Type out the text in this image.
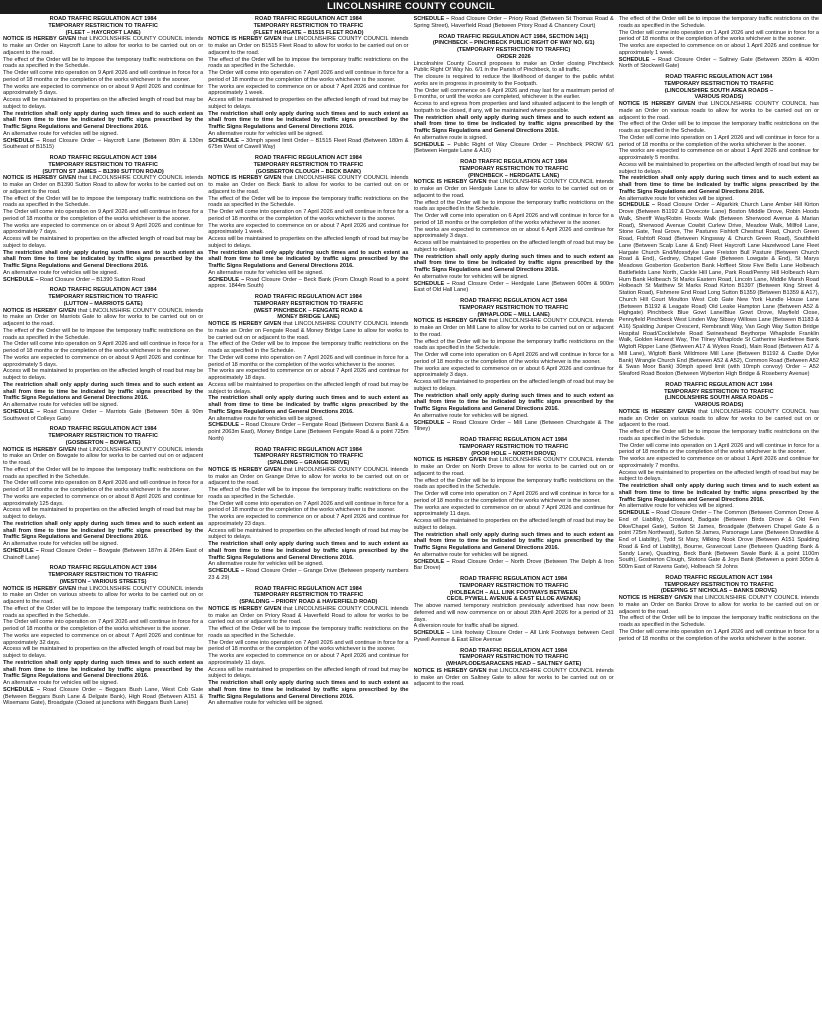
LINCOLNSHIRE COUNTY COUNCIL
ROAD TRAFFIC REGULATION ACT 1984
TEMPORARY RESTRICTION TO TRAFFIC
(FLEET – HAYCROFT LANE)

NOTICE IS HEREBY GIVEN that LINCOLNSHIRE COUNTY COUNCIL intends to make an Order on Haycroft Lane to allow for works to be carried out on or adjacent to the road.

The effect of the Order will be to impose the temporary traffic restrictions on the roads as specified in the Schedule.

The Order will come into operation on 9 April 2026 and will continue in force for a period of 18 months or the completion of the works whichever is the sooner.

The works are expected to commence on or about 9 April 2026 and continue for approximately 5 days.

Access will be maintained to properties on the affected length of road but may be subject to delays.

The restriction shall only apply during such times and to such extent as shall from time to time be indicated by traffic signs prescribed by the Traffic Signs Regulations and General Directions 2016.

An alternative route for vehicles will be signed.

SCHEDULE – Road Closure Order – Haycroft Lane (Between 80m & 130m Southeast of B1515)

ROAD TRAFFIC REGULATION ACT 1984
TEMPORARY RESTRICTION TO TRAFFIC
(SUTTON ST JAMES – B1390 SUTTON ROAD)

NOTICE IS HEREBY GIVEN that LINCOLNSHIRE COUNTY COUNCIL intends to make an Order on B1390 Sutton Road to allow for works to be carried out on or adjacent to the road.

The effect of the Order will be to impose the temporary traffic restrictions on the roads as specified in the Schedule.

The Order will come into operation on 9 April 2026 and will continue in force for a period of 18 months or the completion of the works whichever is the sooner.

The works are expected to commence on or about 9 April 2026 and continue for approximately 7 days.

Access will be maintained to properties on the affected length of road but may be subject to delays.

The restriction shall only apply during such times and to such extent as shall from time to time be indicated by traffic signs prescribed by the Traffic Signs Regulations and General Directions 2016.

An alternative route for vehicles will be signed.

SCHEDULE – Road Closure Order – B1390 Sutton Road

ROAD TRAFFIC REGULATION ACT 1984
TEMPORARY RESTRICTION TO TRAFFIC
(LUTTON – MARRIOTS GATE)

NOTICE IS HEREBY GIVEN that LINCOLNSHIRE COUNTY COUNCIL intends to make an Order on Marriots Gate to allow for works to be carried out on or adjacent to the road.

The effect of the Order will be to impose the temporary traffic restrictions on the roads as specified in the Schedule.

The Order will come into operation on 9 April 2026 and will continue in force for a period of 18 months or the completion of the works whichever is the sooner.

The works are expected to commence on or about 9 April 2026 and continue for approximately 5 days.

Access will be maintained to properties on the affected length of road but may be subject to delays.

The restriction shall only apply during such times and to such extent as shall from time to time be indicated by traffic signs prescribed by the Traffic Signs Regulations and General Directions 2016.

An alternative route for vehicles will be signed.

SCHEDULE – Road Closure Order – Marriots Gate (Between 50m & 90m Southwest of Colleys Gate)

ROAD TRAFFIC REGULATION ACT 1984
TEMPORARY RESTRICTION TO TRAFFIC
(GOSBERTON – BOWGATE)

NOTICE IS HEREBY GIVEN that LINCOLNSHIRE COUNTY COUNCIL intends to make an Order on Bowgate to allow for works to be carried out on or adjacent to the road.

The effect of the Order will be to impose the temporary traffic restrictions on the roads as specified in the Schedule.

The Order will come into operation on 8 April 2026 and will continue in force for a period of 18 months or the completion of the works whichever is the sooner.

The works are expected to commence on or about 8 April 2026 and continue for approximately 125 days.

Access will be maintained to properties on the affected length of road but may be subject to delays.

The restriction shall only apply during such times and to such extent as shall from time to time be indicated by traffic signs prescribed by the Traffic Signs Regulations and General Directions 2016.

An alternative route for vehicles will be signed.

SCHEDULE – Road Closure Order – Bowgate (Between 187m & 264m East of Chainoff Lane)

ROAD TRAFFIC REGULATION ACT 1984
TEMPORARY RESTRICTION TO TRAFFIC
(WESTON – VARIOUS STREETS)

NOTICE IS HEREBY GIVEN that LINCOLNSHIRE COUNTY COUNCIL intends to make an Order on various streets to allow for works to be carried out on or adjacent to the road.

The effect of the Order will be to impose the temporary traffic restrictions on the roads as specified in the Schedule.

The Order will come into operation on 7 April 2026 and will continue in force for a period of 18 months or the completion of the works whichever is the sooner.

The works are expected to commence on or about 7 April 2026 and continue for approximately 32 days.

Access will be maintained to properties on the affected length of road but may be subject to delays.

The restriction shall only apply during such times and to such extent as shall from time to time be indicated by traffic signs prescribed by the Traffic Signs Regulations and General Directions 2016.

An alternative route for vehicles will be signed.

SCHEDULE – Road Closure Order – Beggars Bush Lane, West Cob Gate (Between Beggars Bush Lane & Delgate Bank), High Road (Between A151 & Wisemans Gate), Broadgate (Closed at junctions with Beggars Bush Lane)

ROAD TRAFFIC REGULATION ACT 1984
TEMPORARY RESTRICTION TO TRAFFIC
(FLEET HARGATE – B1515 FLEET ROAD)

NOTICE IS HEREBY GIVEN that LINCOLNSHIRE COUNTY COUNCIL intends to make an Order on B1515 Fleet Road to allow for works to be carried out on or adjacent to the road.

The effect of the Order will be to impose the temporary traffic restrictions on the roads as specified in the Schedule.

The Order will come into operation on 7 April 2026 and will continue in force for a period of 18 months or the completion of the works whichever is the sooner.

The works are expected to commence on or about 7 April 2026 and continue for approximately 1 week.

Access will be maintained to properties on the affected length of road but may be subject to delays.

The restriction shall only apply during such times and to such extent as shall from time to time be indicated by traffic signs prescribed by the Traffic Signs Regulations and General Directions 2016.

An alternative route for vehicles will be signed.

SCHEDULE – 30mph speed limit Order – B1515 Fleet Road (Between 180m & 675m West of Cawell Way)

ROAD TRAFFIC REGULATION ACT 1984
TEMPORARY RESTRICTION TO TRAFFIC
(GOSBERTON CLOUGH – BECK BANK)

NOTICE IS HEREBY GIVEN that LINCOLNSHIRE COUNTY COUNCIL intends to make an Order on Beck Bank to allow for works to be carried out on or adjacent to the road.

The effect of the Order will be to impose the temporary traffic restrictions on the roads as specified in the Schedule.

The Order will come into operation on 7 April 2026 and will continue in force for a period of 18 months or the completion of the works whichever is the sooner.

The works are expected to commence on or about 7 April 2026 and continue for approximately 1 week.

Access will be maintained to properties on the affected length of road but may be subject to delays.

The restriction shall only apply during such times and to such extent as shall from time to time be indicated by traffic signs prescribed by the Traffic Signs Regulations and General Directions 2016.

An alternative route for vehicles will be signed.

SCHEDULE – Road Closure Order – Beck Bank (From Clough Road to a point approx. 1844m South)

ROAD TRAFFIC REGULATION ACT 1984
TEMPORARY RESTRICTION TO TRAFFIC
(WEST PINCHBECK – FENGATE ROAD &
MONEY BRIDGE LANE)

NOTICE IS HEREBY GIVEN that LINCOLNSHIRE COUNTY COUNCIL intends to make an Order on Fengate Road & Money Bridge Lane to allow for works to be carried out on or adjacent to the road.

The effect of the Order will be to impose the temporary traffic restrictions on the roads as specified in the Schedule.

The Order will come into operation on 7 April 2026 and will continue in force for a period of 18 months or the completion of the works whichever is the sooner.

The works are expected to commence on or about 7 April 2026 and continue for approximately 18 days.

Access will be maintained to properties on the affected length of road but may be subject to delays.

The restriction shall only apply during such times and to such extent as shall from time to time be indicated by traffic signs prescribed by the Traffic Signs Regulations and General Directions 2016.

An alternative route for vehicles will be signed.

SCHEDULE – Road Closure Order – Fengate Road (Between Dozens Bank & a point 2063m East), Money Bridge Lane (Between Fengate Road & a point 725m North)

ROAD TRAFFIC REGULATION ACT 1984
TEMPORARY RESTRICTION TO TRAFFIC
(SPALDING – GRANGE DRIVE)

NOTICE IS HEREBY GIVEN that LINCOLNSHIRE COUNTY COUNCIL intends to make an Order on Grange Drive to allow for works to be carried out on or adjacent to the road.

The effect of the Order will be to impose the temporary traffic restrictions on the roads as specified in the Schedule.

The Order will come into operation on 7 April 2026 and will continue in force for a period of 18 months or the completion of the works whichever is the sooner.

The works are expected to commence on or about 7 April 2026 and continue for approximately 23 days.

Access will be maintained to properties on the affected length of road but may be subject to delays.

The restriction shall only apply during such times and to such extent as shall from time to time be indicated by traffic signs prescribed by the Traffic Signs Regulations and General Directions 2016.

An alternative route for vehicles will be signed.

SCHEDULE – Road Closure Order – Grange Drive (Between property numbers 23 & 29)

ROAD TRAFFIC REGULATION ACT 1984
TEMPORARY RESTRICTION TO TRAFFIC
(SPALDING – PRIORY ROAD & HAVERFIELD ROAD)

NOTICE IS HEREBY GIVEN that LINCOLNSHIRE COUNTY COUNCIL intends to make an Order on Priory Road & Haverfield Road to allow for works to be carried out on or adjacent to the road.

The effect of the Order will be to impose the temporary traffic restrictions on the roads as specified in the Schedule.

The Order will come into operation on 7 April 2026 and will continue in force for a period of 18 months or the completion of the works whichever is the sooner.

The works are expected to commence on or about 7 April 2026 and continue for approximately 11 days.

Access will be maintained to properties on the affected length of road but may be subject to delays.

The restriction shall only apply during such times and to such extent as shall from time to time be indicated by traffic signs prescribed by the Traffic Signs Regulations and General Directions 2016.

An alternative route for vehicles will be signed.

SCHEDULE – Road Closure Order – Priory Road (Between St Thomas Road & Spring Street), Haverfield Road (Between Priory Road & Chancery Court)

ROAD TRAFFIC REGULATION ACT 1984, SECTION 14(1)
(PINCHBECK – PINCHBECK PUBLIC RIGHT OF WAY NO. 6/1)
(TEMPORARY RESTRICTION TO TRAFFIC)
ORDER 2026

Lincolnshire County Council proposes to make an Order closing Pinchbeck Public Right Of Way No. 6/1 in the Parish of Pinchbeck, to all traffic.

The closure is required to reduce the likelihood of danger to the public whilst works are in progress in proximity to the Footpath.

The Order will commence on 6 April 2026 and may last for a maximum period of 6 months, or until the works are completed, whichever is the earlier.

Access to and egress from properties and land situated adjacent to the length of footpath to be closed, if any, will be maintained where possible.

The restriction shall only apply during such times and to such extent as shall from time to time be indicated by traffic signs prescribed by the Traffic Signs Regulations and General Directions 2016.

An alternative route is signed.

SCHEDULE – Public Right of Way Closure Order – Pinchbeck PROW 6/1 (Between Hergate Lane & A16)

ROAD TRAFFIC REGULATION ACT 1984
TEMPORARY RESTRICTION TO TRAFFIC
(PINCHBECK – HERDGATE LANE)

NOTICE IS HEREBY GIVEN that LINCOLNSHIRE COUNTY COUNCIL intends to make an Order on Herdgate Lane to allow for works to be carried out on or adjacent to the road.

The effect of the Order will be to impose the temporary traffic restrictions on the roads as specified in the Schedule.

The Order will come into operation on 6 April 2026 and will continue in force for a period of 18 months or the completion of the works whichever is the sooner.

The works are expected to commence on or about 6 April 2026 and continue for approximately 3 days.

Access will be maintained to properties on the affected length of road but may be subject to delays.

The restriction shall only apply during such times and to such extent as shall from time to time be indicated by traffic signs prescribed by the Traffic Signs Regulations and General Directions 2016.

An alternative route for vehicles will be signed.

SCHEDULE – Road Closure Order – Herdgate Lane (Between 600m & 900m East of Old Hall Lane)

ROAD TRAFFIC REGULATION ACT 1984
TEMPORARY RESTRICTION TO TRAFFIC
(WHAPLODE – MILL LANE)

NOTICE IS HEREBY GIVEN that LINCOLNSHIRE COUNTY COUNCIL intends to make an Order on Mill Lane to allow for works to be carried out on or adjacent to the road.

The effect of the Order will be to impose the temporary traffic restrictions on the roads as specified in the Schedule.

The Order will come into operation on 6 April 2026 and will continue in force for a period of 18 months or the completion of the works whichever is the sooner.

The works are expected to commence on or about 6 April 2026 and continue for approximately 3 days.

Access will be maintained to properties on the affected length of road but may be subject to delays.

The restriction shall only apply during such times and to such extent as shall from time to time be indicated by traffic signs prescribed by the Traffic Signs Regulations and General Directions 2016.

An alternative route for vehicles will be signed.

SCHEDULE – Road Closure Order – Mill Lane (Between Churchgate & The Tilney)

ROAD TRAFFIC REGULATION ACT 1984
TEMPORARY RESTRICTION TO TRAFFIC
(POOR HOLE – NORTH DROVE)

NOTICE IS HEREBY GIVEN that LINCOLNSHIRE COUNTY COUNCIL intends to make an Order on North Drove to allow for works to be carried out on or adjacent to the road.

The effect of the Order will be to impose the temporary traffic restrictions on the roads as specified in the Schedule.

The Order will come into operation on 7 April 2026 and will continue in force for a period of 18 months or the completion of the works whichever is the sooner.

The works are expected to commence on or about 7 April 2026 and continue for approximately 11 days.

Access will be maintained to properties on the affected length of road but may be subject to delays.

The restriction shall only apply during such times and to such extent as shall from time to time be indicated by traffic signs prescribed by the Traffic Signs Regulations and General Directions 2016.

An alternative route for vehicles will be signed.

SCHEDULE – Road Closure Order – North Drove (Between The Delph & Iron Bar Drove)

ROAD TRAFFIC REGULATION ACT 1984
TEMPORARY RESTRICTION TO TRAFFIC
(HOLBEACH – ALL LINK FOOTWAYS BETWEEN
CECIL PYWELL AVENUE & EAST ELLOE AVENUE)

The above named temporary restriction previously advertised has now been deferred and will now commence on or about 20th April 2026 for a period of 31 days.

A diversion route for traffic shall be signed.

SCHEDULE – Link footway Closure Order – All Link Footways between Cecil Pywell Avenue & East Elloe Avenue

ROAD TRAFFIC REGULATION ACT 1984
TEMPORARY RESTRICTION TO TRAFFIC
(WHAPLODE/SARACENS HEAD – SALTNEY GATE)

NOTICE IS HEREBY GIVEN that LINCOLNSHIRE COUNTY COUNCIL intends to make an Order on Saltney Gate to allow for works to be carried out on or adjacent to the road.

The effect of the Order will be to impose the temporary traffic restrictions on the roads as specified in the Schedule.

The Order will come into operation on 1 April 2026 and will continue in force for a period of 18 months or the completion of the works whichever is the sooner.

The works are expected to commence on or about 1 April 2026 and continue for approximately 1 week.

SCHEDULE – Road Closure Order – Saltney Gate (Between 350m & 400m North of Stockwell Gate)

ROAD TRAFFIC REGULATION ACT 1984
TEMPORARY RESTRICTION TO TRAFFIC
(LINCOLNSHIRE SOUTH AREA ROADS –
VARIOUS ROADS)

NOTICE IS HEREBY GIVEN that LINCOLNSHIRE COUNTY COUNCIL has made an Order on various roads to allow for works to be carried out on or adjacent to the road.

The effect of the Order will be to impose the temporary traffic restrictions on the roads as specified in the Schedule.

The Order will come into operation on 1 April 2026 and will continue in force for a period of 18 months or the completion of the works whichever is the sooner.

The works are expected to commence on or about 1 April 2026 and continue for approximately 5 months.

Access will be maintained to properties on the affected length of road but may be subject to delays.

The restriction shall only apply during such times and to such extent as shall from time to time be indicated by traffic signs prescribed by the Traffic Signs Regulations and General Directions 2016.

An alternative route for vehicles will be signed.

SCHEDULE – Road Closure Order – Algarkirk Church Lane Amber Hill Kirton Drove (Between B1192 & Dovecote Lane) Boston Middle Drove, Robin Hoods Walk, Sheriff Way/Robin Hoods Walk (Between Sherwood Avenue & Marian Road), Sherwood Avenue Cowbit Curlew Drive, Meadow Walk, Millfoil Lane, Stone Gate, Teal Grove, The Pastures Fishtoft Chestnut Road, Church Green Road, Fishtoft Road (Between Kingsway & Church Green Road), Southfield Lane (Between Scalp Lane & End) Fleet Haycroft Lane Hazelwood Lane Fleet Hargate Church End/Mossdyke Lane Freiston Bull Pasture (Between Church Road & End), Gedney, Chapel Gate (Between Lowgate & End), St Marys Meadows Gosberton Gosberton Bank Hoffleet Stow Five Bells Lane Holbeach Battlefields Lane North, Cackle Hill Lane, Park Road/Penny Hill Holbeach Hurn Hurn Bank Holbeach St Marks Eastern Road, Lincoln Lane, Middle Marsh Road Holbeach St Matthew St Marks Road Kirton B1397 (Between King Street & Station Road), Fishmere End Road Long Sutton B1359 (Between B1359 & A17), Church Hill Court Moulton West Cob Gate New York Hundle House Lane (Between B1192 & Leagate Road) Old Leake Hampton Lane (Between A52 & Highgate) Pinchbeck Blue Gowt Lane/Blue Gowt Drove, Mayfield Close, Pennyfield Pinchbeck West Linden Way Sibsey Willows Lane (Between B1183 & A16) Spalding Juniper Crescent, Rembrandt Way, Van Gogh Way Sutton Bridge Hospital Road/Cocklehole Road Swineshead Beythorpe Whaplode Franklin Walk, Golden Harvest Way, The Tilney Whaplode St Catherine Hurdletree Bank Wigtoft Ripper Lane (Between A17 & Wykes Road), Main Road (Between A17 & Mill Lane), Wigtoft Bank Wildmore Mill Lane (Between B1192 & Castle Dyke Bank) Wrangle Church End (Between A52 & A52), Common Road (Between A52 & Swan Moor Bank) 30mph speed limit (with 10mph convoy) Order – A52 Sleaford Road Boston (Between Wyberton High Bridge & Roseberry Avenue)

ROAD TRAFFIC REGULATION ACT 1984
TEMPORARY RESTRICTION TO TRAFFIC
(LINCOLNSHIRE SOUTH AREA ROADS –
VARIOUS ROADS)

NOTICE IS HEREBY GIVEN that LINCOLNSHIRE COUNTY COUNCIL has made an Order on various roads to allow for works to be carried out on or adjacent to the road.

The effect of the Order will be to impose the temporary traffic restrictions on the roads as specified in the Schedule.

The Order will come into operation on 1 April 2026 and will continue in force for a period of 18 months or the completion of the works whichever is the sooner.

The works are expected to commence on or about 1 April 2026 and continue for approximately 7 months.

Access will be maintained to properties on the affected length of road but may be subject to delays.

The restriction shall only apply during such times and to such extent as shall from time to time be indicated by traffic signs prescribed by the Traffic Signs Regulations and General Directions 2016.

An alternative route for vehicles will be signed.

SCHEDULE – Road Closure Order – The Common (Between Common Drove & End of Liability), Crowland, Badgate (Between Birds Drove & Old Fen Dike/Chapel Gate), Sutton St James, Broadgate (Between Chapel Gate & a point 725m Northeast), Sutton St James, Parsonage Lane (Between Drawdike & End of Liability), Tydd St Mary, Milking Nook Drove (Between A151 Spalding Road & End of Liability), Bourne, Gravecoat Lane (Between Quadring Bank & Sandy Lane), Quadring, Beck Bank (Between Swale Bank & a point 1100m South), Gosberton Clough, Stotons Gate & Joys Bank (Between a point 305m & 500m East of Ravens Gate), Holbeach St Johns

ROAD TRAFFIC REGULATION ACT 1984
TEMPORARY RESTRICTION TO TRAFFIC
(DEEPING ST NICHOLAS – BANKS DROVE)

NOTICE IS HEREBY GIVEN that LINCOLNSHIRE COUNTY COUNCIL intends to make an Order on Banks Drove to allow for works to be carried out on or adjacent to the road.

The effect of the Order will be to impose the temporary traffic restrictions on the roads as specified in the Schedule.

The Order will come into operation on 1 April 2026 and will continue in force for a period of 18 months or the completion of the works whichever is the sooner.
